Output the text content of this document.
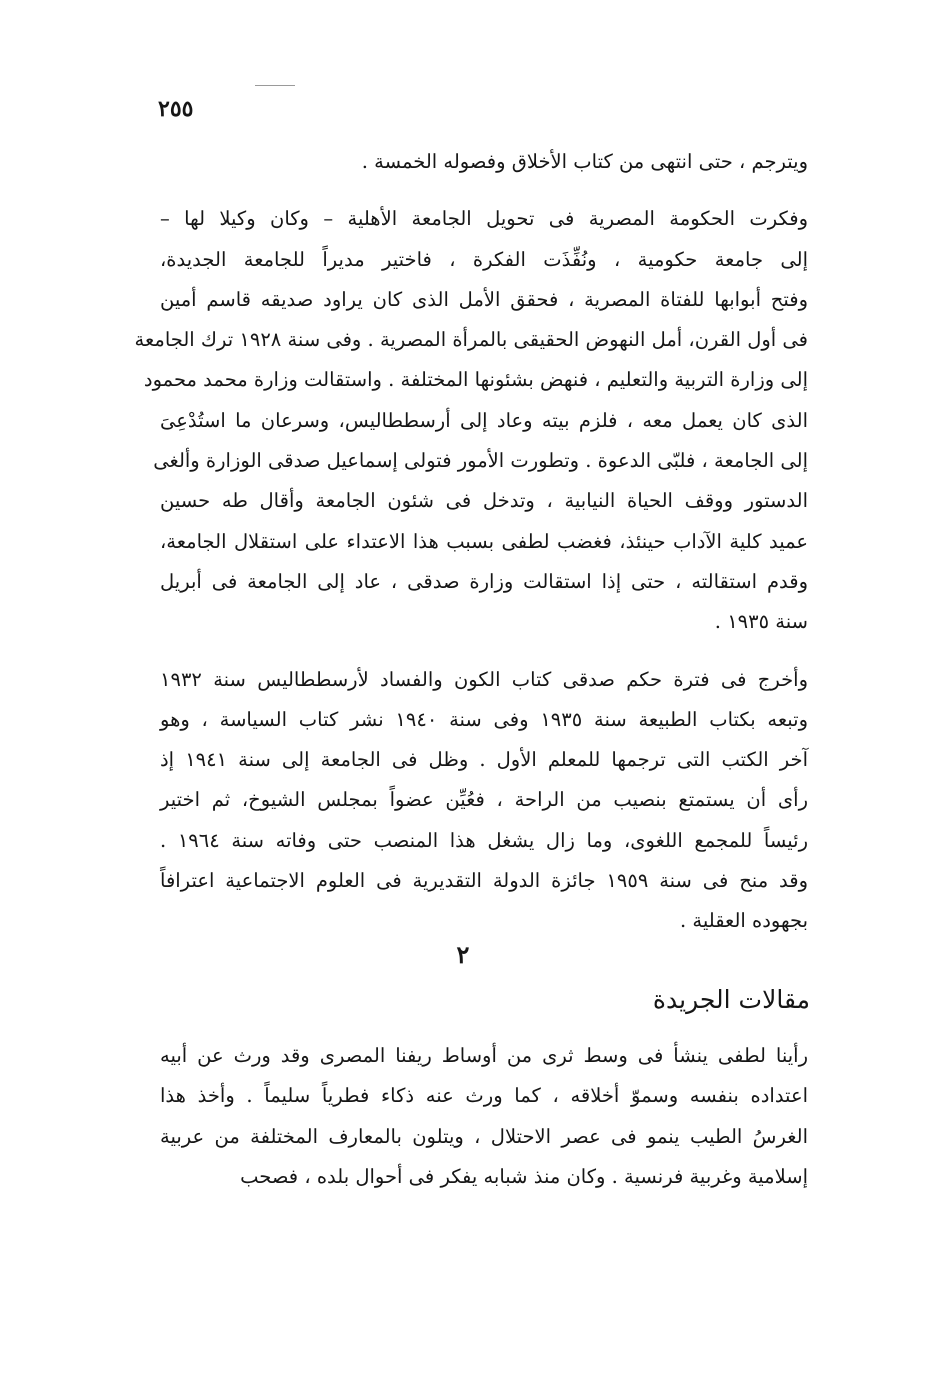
٢٥٥
ويترجم ، حتى انتهى من كتاب الأخلاق وفصوله الخمسة .
وفكرت الحكومة المصرية فى تحويل الجامعة الأهلية – وكان وكيلا لها –
إلى جامعة حكومية ، ونُفِّذَت الفكرة ، فاختير مديراً للجامعة الجديدة،
وفتح أبوابها للفتاة المصرية ، فحقق الأمل الذى كان يراود صديقه قاسم أمين
فى أول القرن، أمل النهوض الحقيقى بالمرأة المصرية . وفى سنة ١٩٢٨ ترك الجامعة
إلى وزارة التربية والتعليم ، فنهض بشئونها المختلفة . واستقالت وزارة محمد محمود
الذى كان يعمل معه ، فلزم بيته وعاد إلى أرسططاليس، وسرعان ما استُدْعِىَ
إلى الجامعة ، فلبّى الدعوة . وتطورت الأمور فتولى إسماعيل صدقى الوزارة وألغى
الدستور ووقف الحياة النيابية ، وتدخل فى شئون الجامعة وأقال طه حسين
عميد كلية الآداب حينئذ، فغضب لطفى بسبب هذا الاعتداء على استقلال الجامعة،
وقدم استقالته ، حتى إذا استقالت وزارة صدقى ، عاد إلى الجامعة فى أبريل
سنة ١٩٣٥ .
وأخرج فى فترة حكم صدقى كتاب الكون والفساد لأرسططاليس سنة ١٩٣٢
وتبعه بكتاب الطبيعة سنة ١٩٣٥ وفى سنة ١٩٤٠ نشر كتاب السياسة ، وهو
آخر الكتب التى ترجمها للمعلم الأول . وظل فى الجامعة إلى سنة ١٩٤١ إذ
رأى أن يستمتع بنصيب من الراحة ، فعُيِّن عضواً بمجلس الشيوخ، ثم اختير
رئيساً للمجمع اللغوى، وما زال يشغل هذا المنصب حتى وفاته سنة ١٩٦٤ .
وقد منح فى سنة ١٩٥٩ جائزة الدولة التقديرية فى العلوم الاجتماعية اعترافاً
بجهوده العقلية .
٢
مقالات الجريدة
رأينا لطفى ينشأ فى وسط ثرى من أوساط ريفنا المصرى وقد ورث عن أبيه
اعتداده بنفسه وسموّ أخلاقه ، كما ورث عنه ذكاء فطرياً سليماً . وأخذ هذا
الغرسُ الطيب ينمو فى عصر الاحتلال ، ويتلون بالمعارف المختلفة من عربية
إسلامية وغربية فرنسية . وكان منذ شبابه يفكر فى أحوال بلده ، فصحب
